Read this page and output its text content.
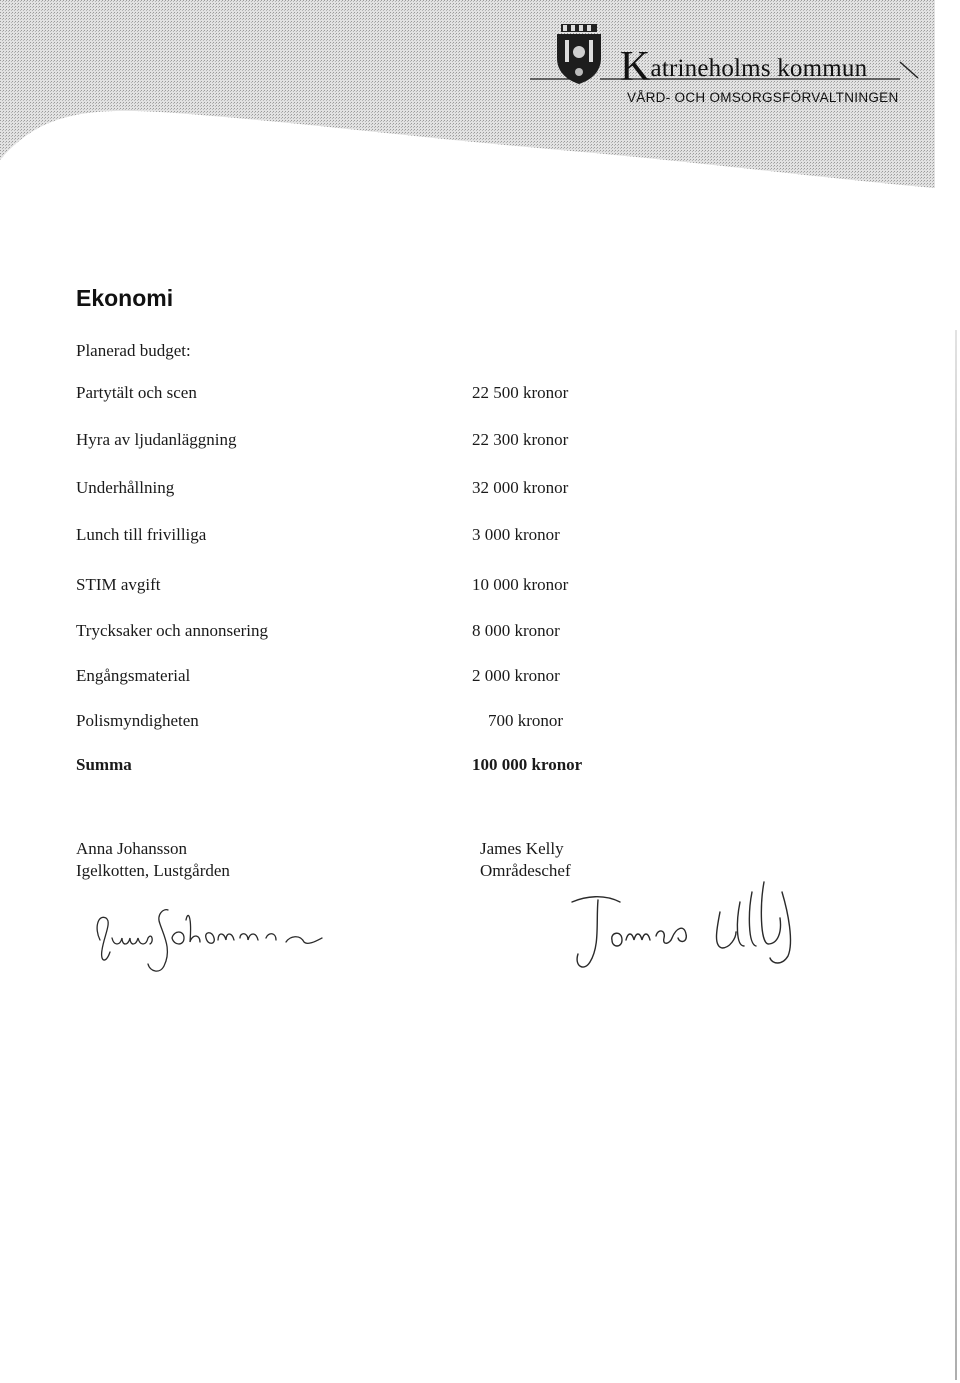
Katrineholms kommun
VÅRD- OCH OMSORGSFÖRVALTNINGEN
Ekonomi
Planerad budget:
Partytält och scen	22 500 kronor
Hyra av ljudanläggning	22 300 kronor
Underhållning	32 000 kronor
Lunch till frivilliga	3 000 kronor
STIM avgift	10 000 kronor
Trycksaker och annonsering	8 000 kronor
Engångsmaterial	2 000 kronor
Polismyndigheten	700 kronor
Summa	100 000 kronor
Anna Johansson
Igelkotten, Lustgården
James Kelly
Områdeschef
